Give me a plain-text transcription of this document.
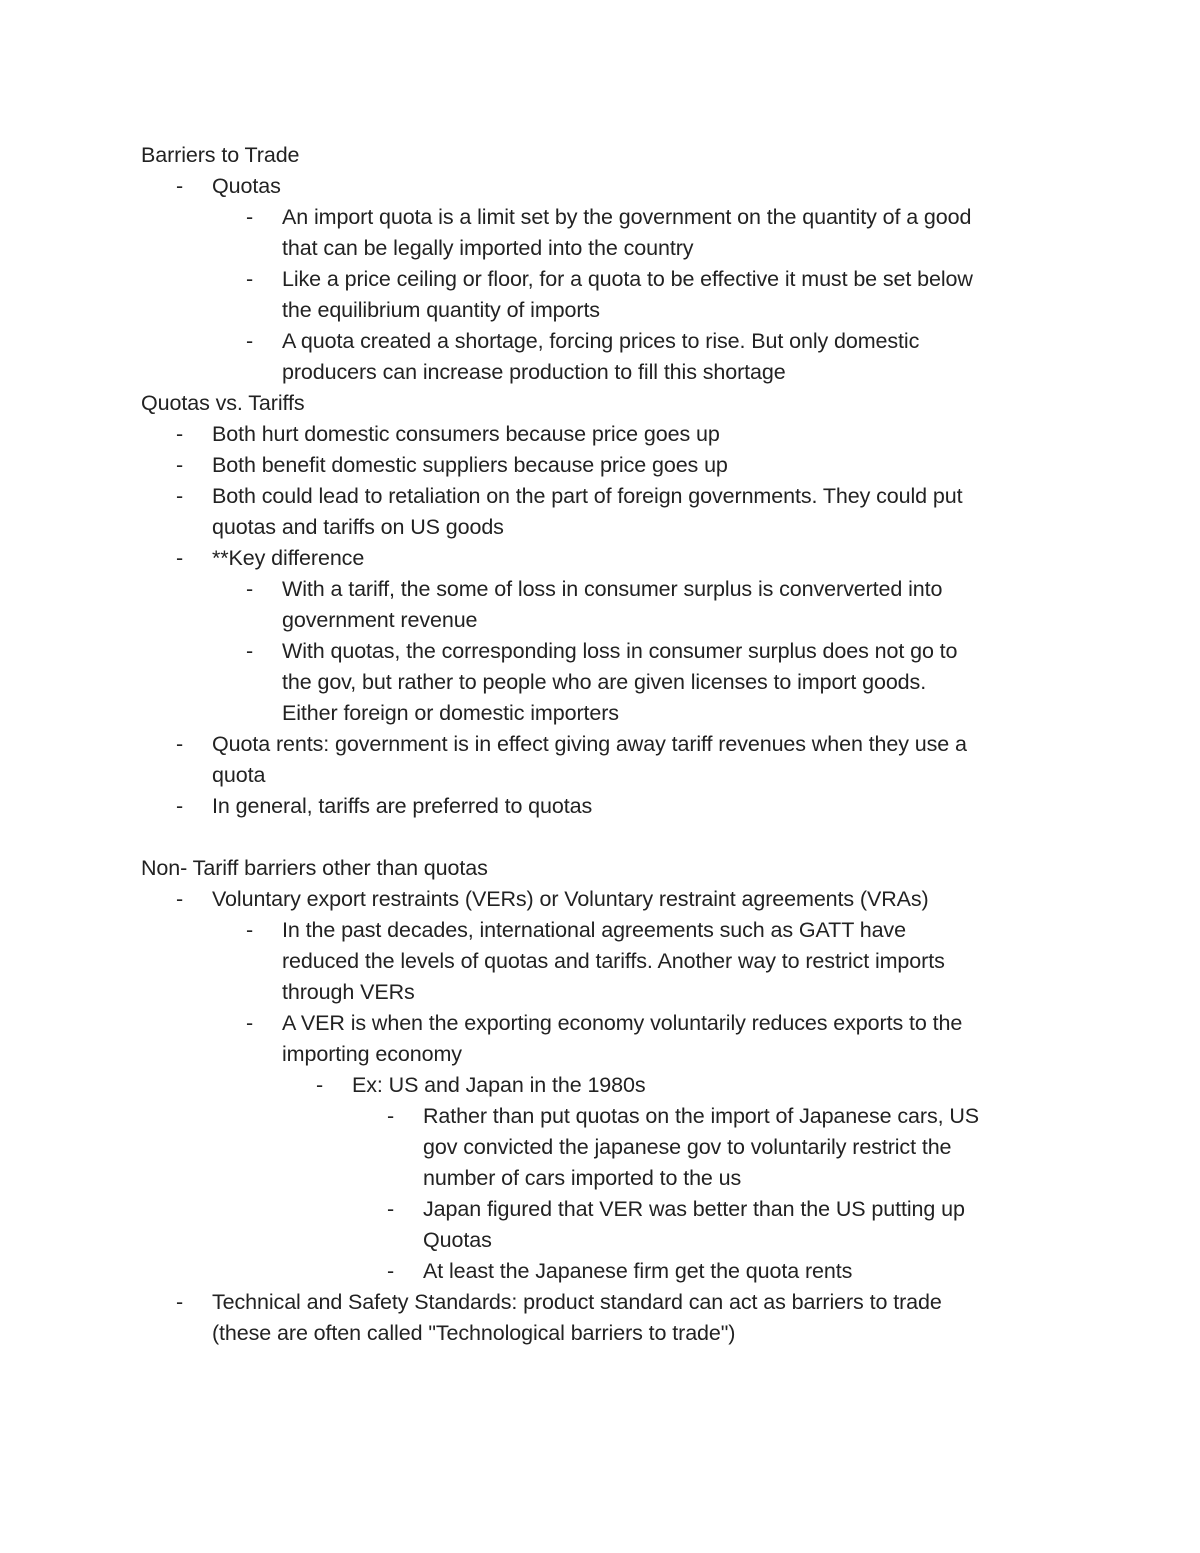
Barriers to Trade
- Quotas
- An import quota is a limit set by the government on the quantity of a good
that can be legally imported into the country
- Like a price ceiling or floor, for a quota to be effective it must be set below
the equilibrium quantity of imports
- A quota created a shortage, forcing prices to rise. But only domestic
producers can increase production to fill this shortage
Quotas vs. Tariffs
- Both hurt domestic consumers because price goes up
- Both benefit domestic suppliers because price goes up
- Both could lead to retaliation on the part of foreign governments. They could put
quotas and tariffs on US goods
- **Key difference
- With a tariff, the some of loss in consumer surplus is conververted into
government revenue
- With quotas, the corresponding loss in consumer surplus does not go to
the gov, but rather to people who are given licenses to import goods.
Either foreign or domestic importers
- Quota rents: government is in effect giving away tariff revenues when they use a
quota
- In general, tariffs are preferred to quotas
Non- Tariff barriers other than quotas
- Voluntary export restraints (VERs) or Voluntary restraint agreements (VRAs)
- In the past decades, international agreements such as GATT have
reduced the levels of quotas and tariffs. Another way to restrict imports
through VERs
- A VER is when the exporting economy voluntarily reduces exports to the
importing economy
- Ex: US and Japan in the 1980s
- Rather than put quotas on the import of Japanese cars, US
gov convicted the japanese gov to voluntarily restrict the
number of cars imported to the us
- Japan figured that VER was better than the US putting up
Quotas
- At least the Japanese firm get the quota rents
- Technical and Safety Standards: product standard can act as barriers to trade
(these are often called "Technological barriers to trade")
